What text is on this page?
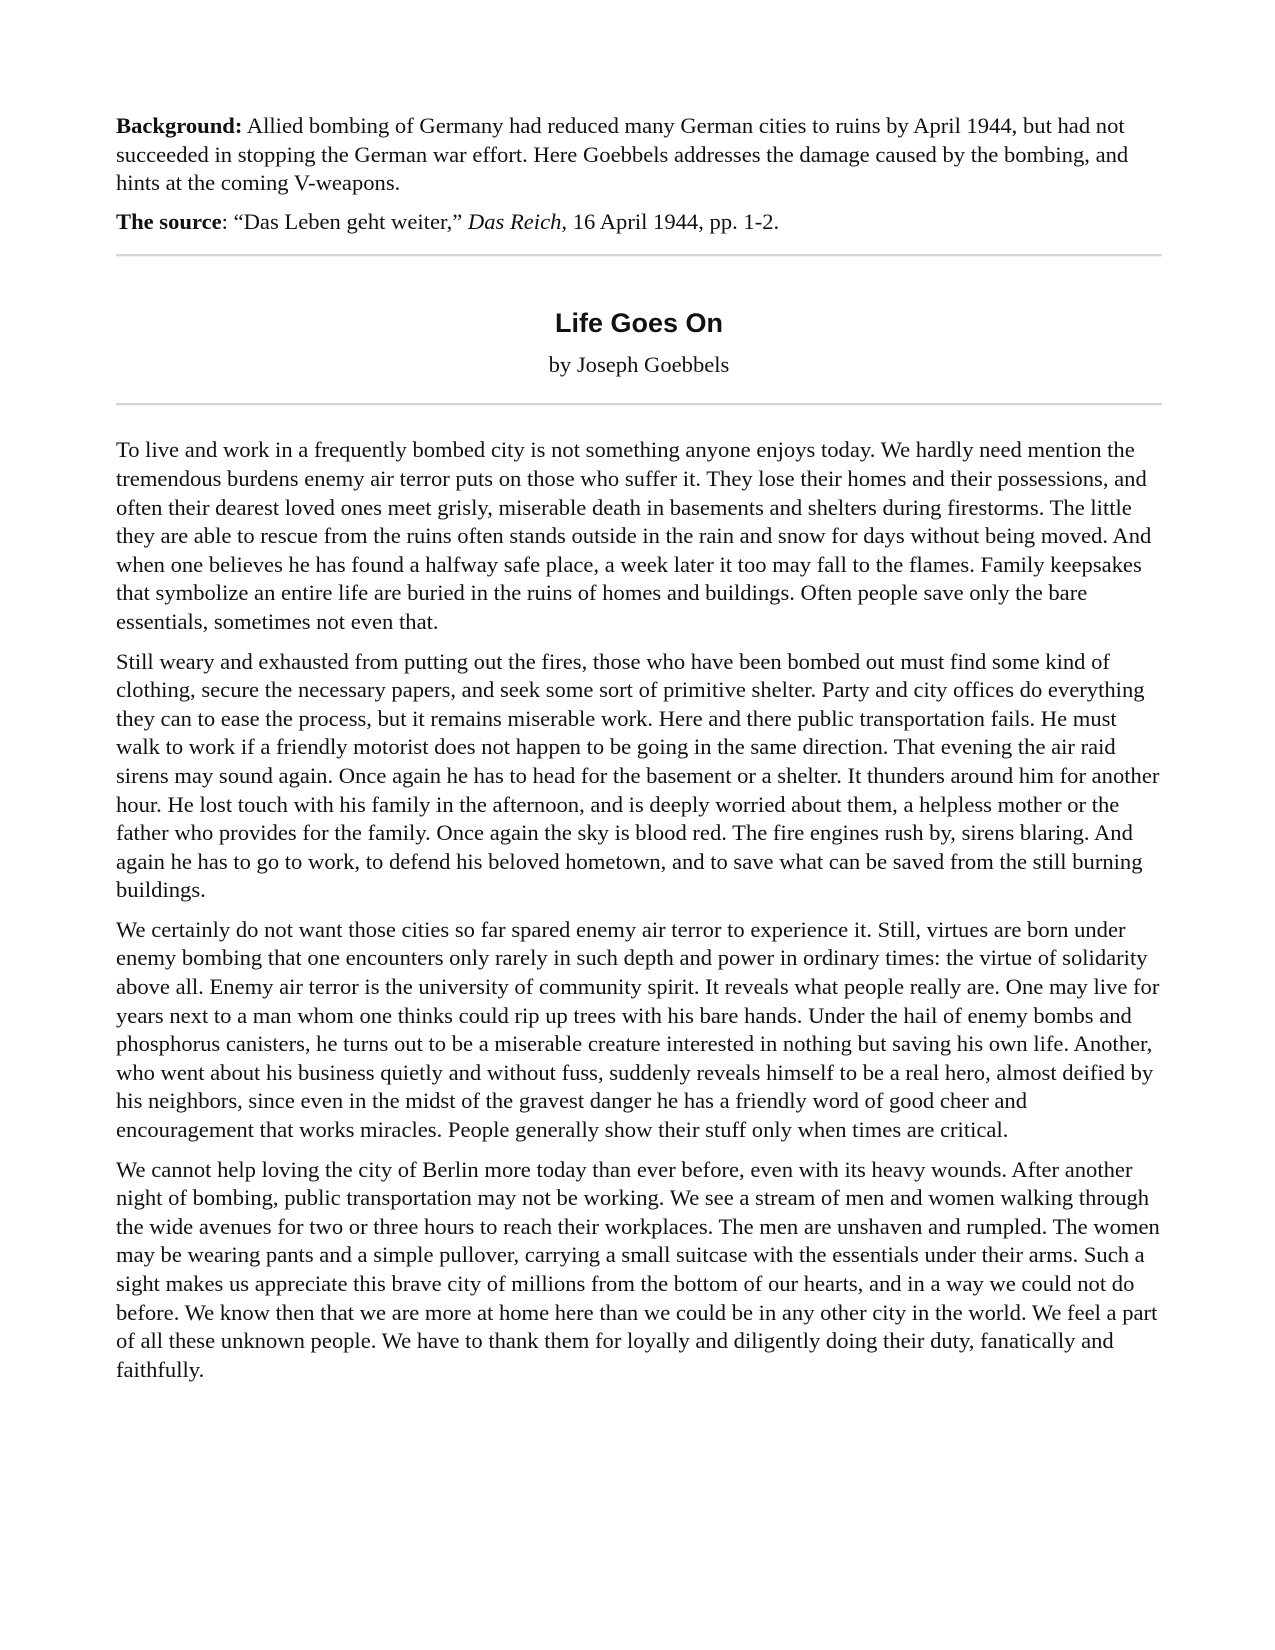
Background: Allied bombing of Germany had reduced many German cities to ruins by April 1944, but had not succeeded in stopping the German war effort. Here Goebbels addresses the damage caused by the bombing, and hints at the coming V-weapons.

The source: “Das Leben geht weiter,” Das Reich, 16 April 1944, pp. 1-2.

Life Goes On
by Joseph Goebbels

To live and work in a frequently bombed city is not something anyone enjoys today. We hardly need mention the tremendous burdens enemy air terror puts on those who suffer it. They lose their homes and their possessions, and often their dearest loved ones meet grisly, miserable death in basements and shelters during firestorms. The little they are able to rescue from the ruins often stands outside in the rain and snow for days without being moved. And when one believes he has found a halfway safe place, a week later it too may fall to the flames. Family keepsakes that symbolize an entire life are buried in the ruins of homes and buildings. Often people save only the bare essentials, sometimes not even that.

Still weary and exhausted from putting out the fires, those who have been bombed out must find some kind of clothing, secure the necessary papers, and seek some sort of primitive shelter. Party and city offices do everything they can to ease the process, but it remains miserable work. Here and there public transportation fails. He must walk to work if a friendly motorist does not happen to be going in the same direction. That evening the air raid sirens may sound again. Once again he has to head for the basement or a shelter. It thunders around him for another hour. He lost touch with his family in the afternoon, and is deeply worried about them, a helpless mother or the father who provides for the family. Once again the sky is blood red. The fire engines rush by, sirens blaring. And again he has to go to work, to defend his beloved hometown, and to save what can be saved from the still burning buildings.

We certainly do not want those cities so far spared enemy air terror to experience it. Still, virtues are born under enemy bombing that one encounters only rarely in such depth and power in ordinary times: the virtue of solidarity above all. Enemy air terror is the university of community spirit. It reveals what people really are. One may live for years next to a man whom one thinks could rip up trees with his bare hands. Under the hail of enemy bombs and phosphorus canisters, he turns out to be a miserable creature interested in nothing but saving his own life. Another, who went about his business quietly and without fuss, suddenly reveals himself to be a real hero, almost deified by his neighbors, since even in the midst of the gravest danger he has a friendly word of good cheer and encouragement that works miracles. People generally show their stuff only when times are critical.

We cannot help loving the city of Berlin more today than ever before, even with its heavy wounds. After another night of bombing, public transportation may not be working. We see a stream of men and women walking through the wide avenues for two or three hours to reach their workplaces. The men are unshaven and rumpled. The women may be wearing pants and a simple pullover, carrying a small suitcase with the essentials under their arms. Such a sight makes us appreciate this brave city of millions from the bottom of our hearts, and in a way we could not do before. We know then that we are more at home here than we could be in any other city in the world. We feel a part of all these unknown people. We have to thank them for loyally and diligently doing their duty, fanatically and faithfully.
